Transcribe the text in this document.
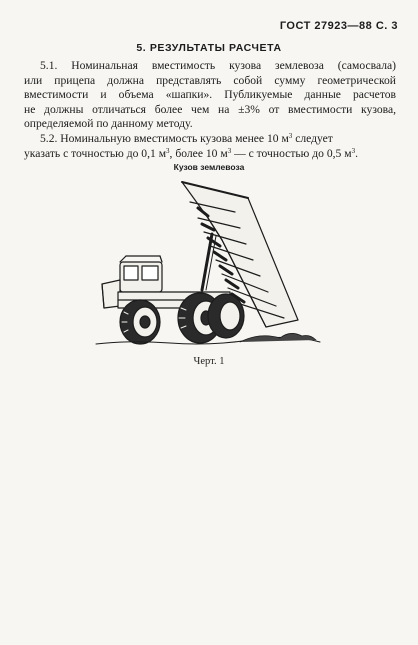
ГОСТ 27923—88 С. 3
5. РЕЗУЛЬТАТЫ РАСЧЕТА
5.1. Номинальная вместимость кузова землевоза (самосвала)
или прицепа должна представлять собой сумму геометрической
вместимости и объема «шапки». Публикуемые данные расчетов
не должны отличаться более чем на ±3% от вместимости кузова,
определяемой по данному методу.
5.2. Номинальную вместимость кузова менее 10 $м^3$ следует
указать с точностью до 0,1 $м^3$, более 10 $м^3$ — с точностью до 0,5 $м^3$.
Кузов землевоза
Черт. 1
